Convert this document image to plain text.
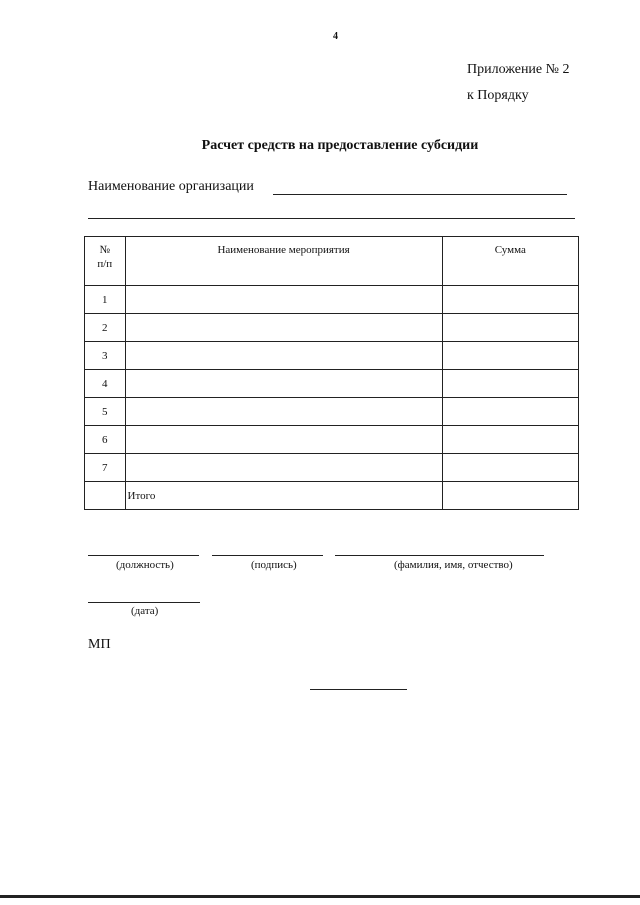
4
Приложение № 2
к Порядку
Расчет средств на предоставление субсидии
Наименование организации
№
п/п	Наименование мероприятия	Сумма
1		
2		
3		
4		
5		
6		
7		
	Итого	
(должность)	(подпись)	(фамилия, имя, отчество)
(дата)
МП
